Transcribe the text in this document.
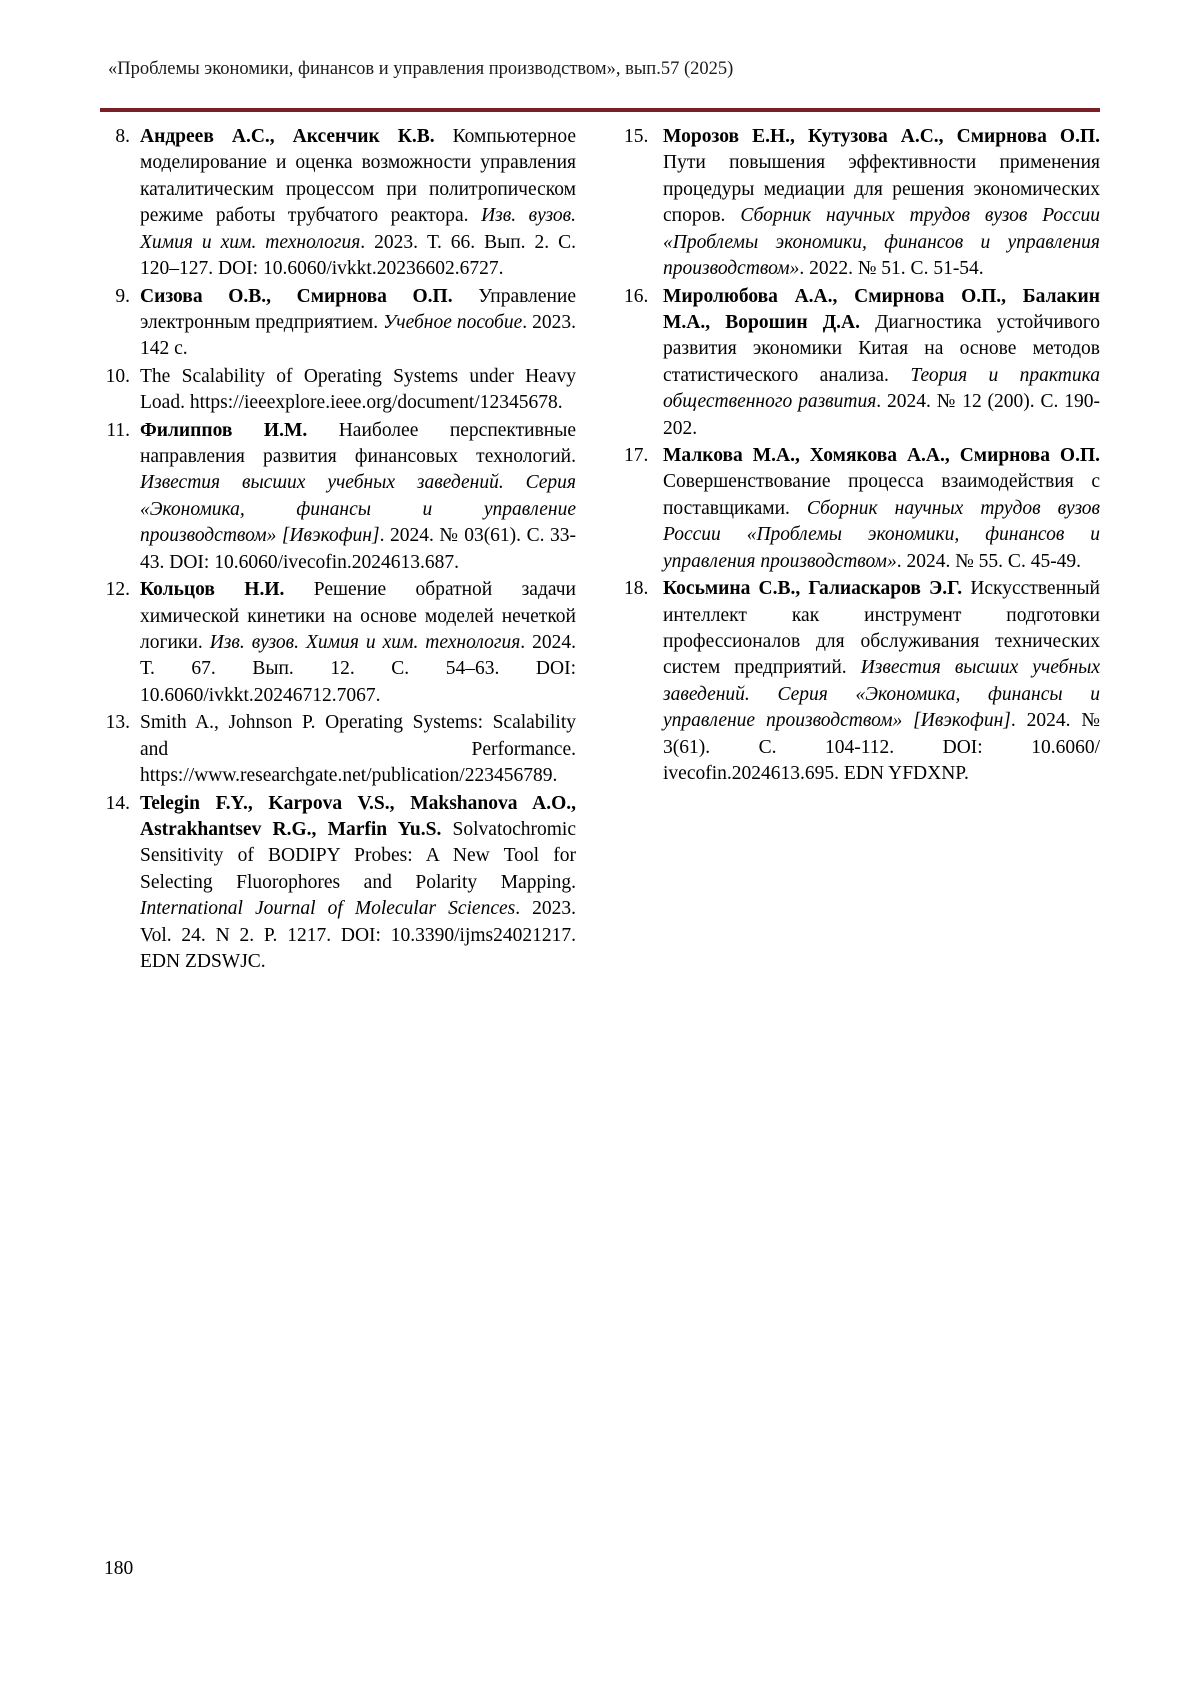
«Проблемы экономики, финансов и управления производством», вып.57 (2025)
8. Андреев А.С., Аксенчик К.В. Компьютерное моделирование и оценка возможности управления каталитическим процессом при политропическом режиме работы трубчатого реактора. Изв. вузов. Химия и хим. технология. 2023. Т. 66. Вып. 2. С. 120–127. DOI: 10.6060/ivkkt.20236602.6727.
9. Сизова О.В., Смирнова О.П. Управление электронным предприятием. Учебное пособие. 2023. 142 с.
10. The Scalability of Operating Systems under Heavy Load. https://ieeexplore.ieee.org/document/12345678.
11. Филиппов И.М. Наиболее перспективные направления развития финансовых технологий. Известия высших учебных заведений. Серия «Экономика, финансы и управление производством» [Ивэкофин]. 2024. № 03(61). С. 33-43. DOI: 10.6060/ivecofin.2024613.687.
12. Кольцов Н.И. Решение обратной задачи химической кинетики на основе моделей нечеткой логики. Изв. вузов. Химия и хим. технология. 2024. Т. 67. Вып. 12. С. 54–63. DOI: 10.6060/ivkkt.20246712.7067.
13. Smith A., Johnson P. Operating Systems: Scalability and Performance. https://www.researchgate.net/publication/223456789.
14. Telegin F.Y., Karpova V.S., Makshanova A.O., Astrakhantsev R.G., Marfin Yu.S. Solvatochromic Sensitivity of BODIPY Probes: A New Tool for Selecting Fluorophores and Polarity Mapping. International Journal of Molecular Sciences. 2023. Vol. 24. N 2. P. 1217. DOI: 10.3390/ijms24021217. EDN ZDSWJC.
15. Морозов Е.Н., Кутузова А.С., Смирнова О.П. Пути повышения эффективности применения процедуры медиации для решения экономических споров. Сборник научных трудов вузов России «Проблемы экономики, финансов и управления производством». 2022. № 51. С. 51-54.
16. Миролюбова А.А., Смирнова О.П., Балакин М.А., Ворошин Д.А. Диагностика устойчивого развития экономики Китая на основе методов статистического анализа. Теория и практика общественного развития. 2024. № 12 (200). С. 190-202.
17. Малкова М.А., Хомякова А.А., Смирнова О.П. Совершенствование процесса взаимодействия с поставщиками. Сборник научных трудов вузов России «Проблемы экономики, финансов и управления производством». 2024. № 55. С. 45-49.
18. Косьмина С.В., Галиаскаров Э.Г. Искусственный интеллект как инструмент подготовки профессионалов для обслуживания технических систем предприятий. Известия высших учебных заведений. Серия «Экономика, финансы и управление производством» [Ивэкофин]. 2024. № 3(61). С. 104-112. DOI: 10.6060/ ivecofin.2024613.695. EDN YFDXNP.
180
